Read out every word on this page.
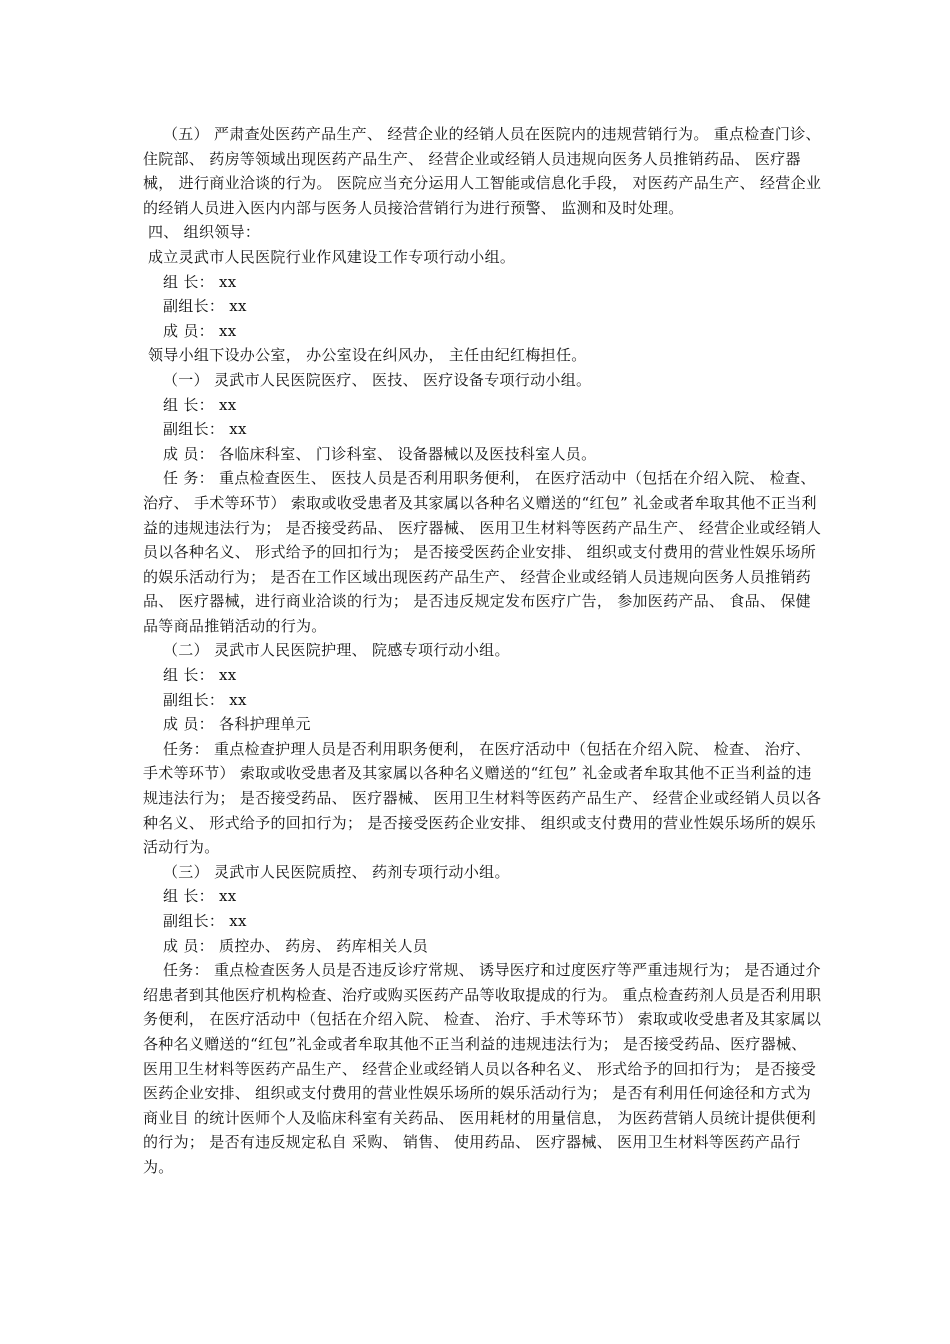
（五） 严肃查处医药产品生产、 经营企业的经销人员在医院内的违规营销行为。 重点检查门诊、 住院部、 药房等领域出现医药产品生产、 经营企业或经销人员违规向医务人员推销药品、 医疗器械， 进行商业洽谈的行为。 医院应当充分运用人工智能或信息化手段， 对医药产品生产、 经营企业的经销人员进入医内内部与医务人员接洽营销行为进行预警、 监测和及时处理。

四、 组织领导：

成立灵武市人民医院行业作风建设工作专项行动小组。

组 长： xx

副组长： xx

成 员： xx

领导小组下设办公室， 办公室设在纠风办， 主任由纪红梅担任。

（一） 灵武市人民医院医疗、 医技、 医疗设备专项行动小组。

组 长： xx

副组长： xx

成 员： 各临床科室、 门诊科室、 设备器械以及医技科室人员。

任 务： 重点检查医生、 医技人员是否利用职务便利， 在医疗活动中（包括在介绍入院、 检查、 治疗、 手术等环节） 索取或收受患者及其家属以各种名义赠送的“红包” 礼金或者牟取其他不正当利益的违规违法行为； 是否接受药品、 医疗器械、 医用卫生材料等医药产品生产、 经营企业或经销人员以各种名义、 形式给予的回扣行为； 是否接受医药企业安排、 组织或支付费用的营业性娱乐场所的娱乐活动行为； 是否在工作区域出现医药产品生产、 经营企业或经销人员违规向医务人员推销药品、 医疗器械，进行商业洽谈的行为； 是否违反规定发布医疗广告， 参加医药产品、 食品、 保健品等商品推销活动的行为。

（二） 灵武市人民医院护理、 院感专项行动小组。

组 长： xx

副组长： xx

成 员： 各科护理单元

任务： 重点检查护理人员是否利用职务便利， 在医疗活动中（包括在介绍入院、 检查、 治疗、 手术等环节） 索取或收受患者及其家属以各种名义赠送的“红包” 礼金或者牟取其他不正当利益的违规违法行为； 是否接受药品、 医疗器械、 医用卫生材料等医药产品生产、 经营企业或经销人员以各种名义、 形式给予的回扣行为； 是否接受医药企业安排、 组织或支付费用的营业性娱乐场所的娱乐活动行为。

（三） 灵武市人民医院质控、 药剂专项行动小组。

组 长： xx

副组长： xx

成 员： 质控办、 药房、 药库相关人员

任务： 重点检查医务人员是否违反诊疗常规、 诱导医疗和过度医疗等严重违规行为； 是否通过介绍患者到其他医疗机构检查、治疗或购买医药产品等收取提成的行为。 重点检查药剂人员是否利用职务便利， 在医疗活动中（包括在介绍入院、 检查、 治疗、手术等环节） 索取或收受患者及其家属以各种名义赠送的“红包”礼金或者牟取其他不正当利益的违规违法行为； 是否接受药品、医疗器械、 医用卫生材料等医药产品生产、 经营企业或经销人员以各种名义、 形式给予的回扣行为； 是否接受医药企业安排、 组织或支付费用的营业性娱乐场所的娱乐活动行为； 是否有利用任何途径和方式为商业目 的统计医师个人及临床科室有关药品、 医用耗材的用量信息， 为医药营销人员统计提供便利的行为； 是否有违反规定私自 采购、 销售、 使用药品、 医疗器械、 医用卫生材料等医药产品行为。
